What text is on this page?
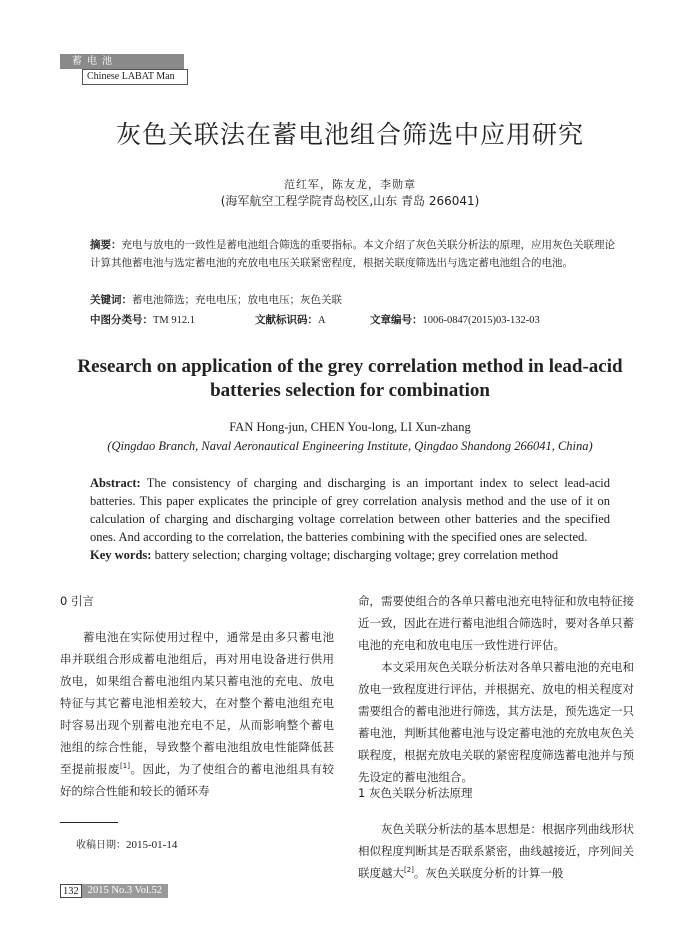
蓄电池
Chinese LABAT Man
灰色关联法在蓄电池组合筛选中应用研究
范红军，陈友龙，李勋章
(海军航空工程学院青岛校区,山东 青岛 266041)
摘要：充电与放电的一致性是蓄电池组合筛选的重要指标。本文介绍了灰色关联分析法的原理，应用灰色关联理论计算其他蓄电池与选定蓄电池的充放电电压关联紧密程度，根据关联度筛选出与选定蓄电池组合的电池。
关键词：蓄电池筛选；充电电压；放电电压；灰色关联
中图分类号：TM 912.1	文献标识码：A	文章编号：1006-0847(2015)03-132-03
Research on application of the grey correlation method in lead-acid batteries selection for combination
FAN Hong-jun, CHEN You-long, LI Xun-zhang
(Qingdao Branch, Naval Aeronautical Engineering Institute, Qingdao Shandong 266041, China)
Abstract: The consistency of charging and discharging is an important index to select lead-acid batteries. This paper explicates the principle of grey correlation analysis method and the use of it on calculation of charging and discharging voltage correlation between other batteries and the specified ones. And according to the correlation, the batteries combining with the specified ones are selected.
Key words: battery selection; charging voltage; discharging voltage; grey correlation method
0 引言

蓄电池在实际使用过程中，通常是由多只蓄电池串并联组合形成蓄电池组后，再对用电设备进行供用放电，如果组合蓄电池组内某只蓄电池的充电、放电特征与其它蓄电池相差较大，在对整个蓄电池组充电时容易出现个别蓄电池充电不足，从而影响整个蓄电池组的综合性能，导致整个蓄电池组放电性能降低甚至提前报废[1]。因此，为了使组合的蓄电池组具有较好的综合性能和较长的循环寿

命，需要使组合的各单只蓄电池充电特征和放电特征接近一致，因此在进行蓄电池组合筛选时，要对各单只蓄电池的充电和放电电压一致性进行评估。

本文采用灰色关联分析法对各单只蓄电池的充电和放电一致程度进行评估，并根据充、放电的相关程度对需要组合的蓄电池进行筛选，其方法是，预先选定一只蓄电池，判断其他蓄电池与设定蓄电池的充放电灰色关联程度，根据充放电关联的紧密程度筛选蓄电池并与预先设定的蓄电池组合。

1 灰色关联分析法原理

灰色关联分析法的基本思想是：根据序列曲线形状相似程度判断其是否联系紧密，曲线越接近，序列间关联度越大[2]。灰色关联度分析的计算一般

收稿日期：2015-01-14
132 2015 No.3 Vol.52
